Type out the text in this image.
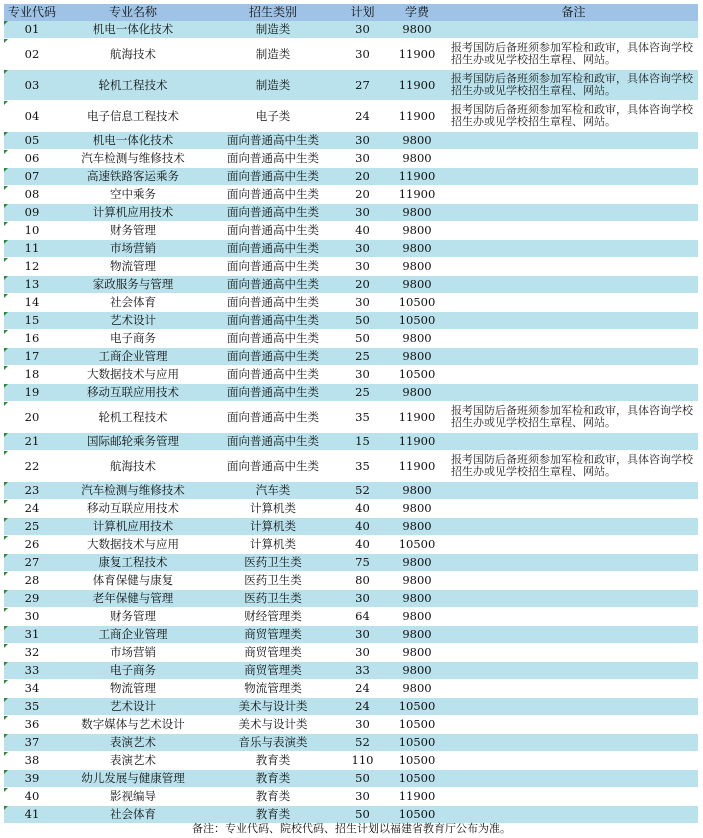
专业代码	专业名称	招生类别	计划	学费	备注
01	机电一体化技术	制造类	30	9800	
02	航海技术	制造类	30	11900	报考国防后备班须参加军检和政审，具体咨询学校招生办或见学校招生章程、网站。
03	轮机工程技术	制造类	27	11900	报考国防后备班须参加军检和政审，具体咨询学校招生办或见学校招生章程、网站。
04	电子信息工程技术	电子类	24	11900	报考国防后备班须参加军检和政审，具体咨询学校招生办或见学校招生章程、网站。
05	机电一体化技术	面向普通高中生类	30	9800	
06	汽车检测与维修技术	面向普通高中生类	30	9800	
07	高速铁路客运乘务	面向普通高中生类	20	11900	
08	空中乘务	面向普通高中生类	20	11900	
09	计算机应用技术	面向普通高中生类	30	9800	
10	财务管理	面向普通高中生类	40	9800	
11	市场营销	面向普通高中生类	30	9800	
12	物流管理	面向普通高中生类	30	9800	
13	家政服务与管理	面向普通高中生类	20	9800	
14	社会体育	面向普通高中生类	30	10500	
15	艺术设计	面向普通高中生类	50	10500	
16	电子商务	面向普通高中生类	50	9800	
17	工商企业管理	面向普通高中生类	25	9800	
18	大数据技术与应用	面向普通高中生类	30	10500	
19	移动互联应用技术	面向普通高中生类	25	9800	
20	轮机工程技术	面向普通高中生类	35	11900	报考国防后备班须参加军检和政审，具体咨询学校招生办或见学校招生章程、网站。
21	国际邮轮乘务管理	面向普通高中生类	15	11900	
22	航海技术	面向普通高中生类	35	11900	报考国防后备班须参加军检和政审，具体咨询学校招生办或见学校招生章程、网站。
23	汽车检测与维修技术	汽车类	52	9800	
24	移动互联应用技术	计算机类	40	9800	
25	计算机应用技术	计算机类	40	9800	
26	大数据技术与应用	计算机类	40	10500	
27	康复工程技术	医药卫生类	75	9800	
28	体育保健与康复	医药卫生类	80	9800	
29	老年保健与管理	医药卫生类	30	9800	
30	财务管理	财经管理类	64	9800	
31	工商企业管理	商贸管理类	30	9800	
32	市场营销	商贸管理类	30	9800	
33	电子商务	商贸管理类	33	9800	
34	物流管理	物流管理类	24	9800	
35	艺术设计	美术与设计类	24	10500	
36	数字媒体与艺术设计	美术与设计类	30	10500	
37	表演艺术	音乐与表演类	52	10500	
38	表演艺术	教育类	110	10500	
39	幼儿发展与健康管理	教育类	50	10500	
40	影视编导	教育类	30	11900	
41	社会体育	教育类	50	10500	
备注：专业代码、院校代码、招生计划以福建省教育厅公布为准。
